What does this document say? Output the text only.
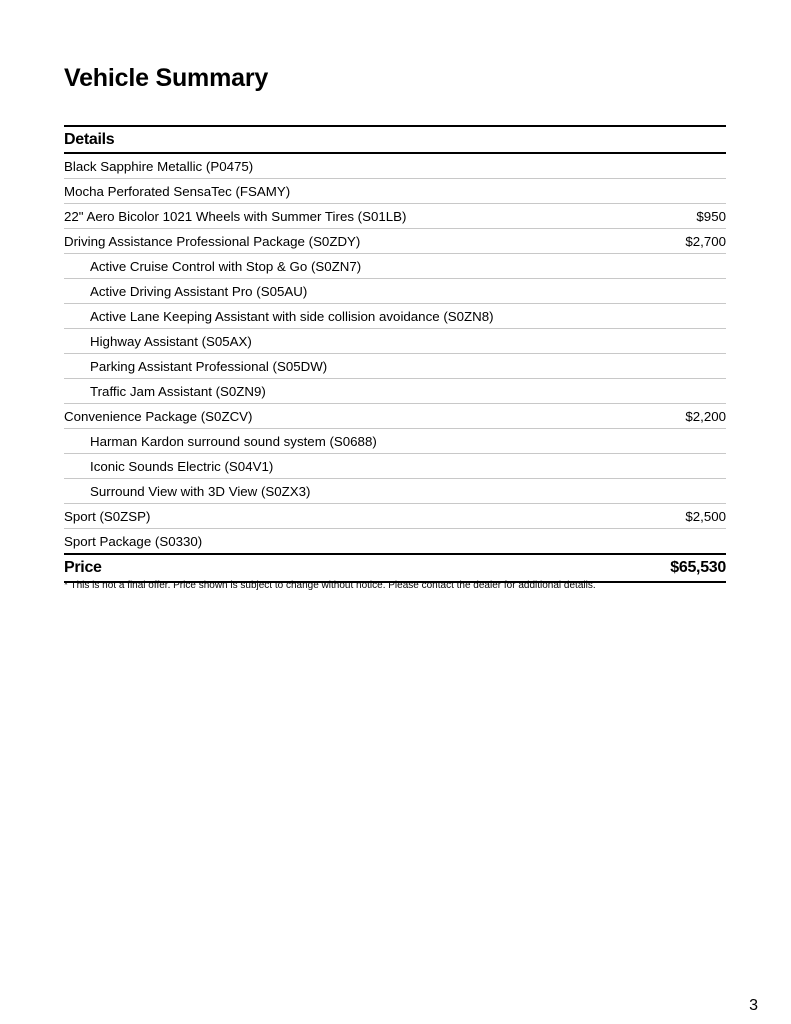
Vehicle Summary
Details
Black Sapphire Metallic (P0475)
Mocha Perforated SensaTec (FSAMY)
22" Aero Bicolor 1021 Wheels with Summer Tires (S01LB)	$950
Driving Assistance Professional Package (S0ZDY)	$2,700
Active Cruise Control with Stop & Go (S0ZN7)
Active Driving Assistant Pro (S05AU)
Active Lane Keeping Assistant with side collision avoidance (S0ZN8)
Highway Assistant (S05AX)
Parking Assistant Professional (S05DW)
Traffic Jam Assistant (S0ZN9)
Convenience Package (S0ZCV)	$2,200
Harman Kardon surround sound system (S0688)
Iconic Sounds Electric (S04V1)
Surround View with 3D View (S0ZX3)
Sport (S0ZSP)	$2,500
Sport Package (S0330)
Price	$65,530
* This is not a final offer. Price shown is subject to change without notice. Please contact the dealer for additional details.
3
